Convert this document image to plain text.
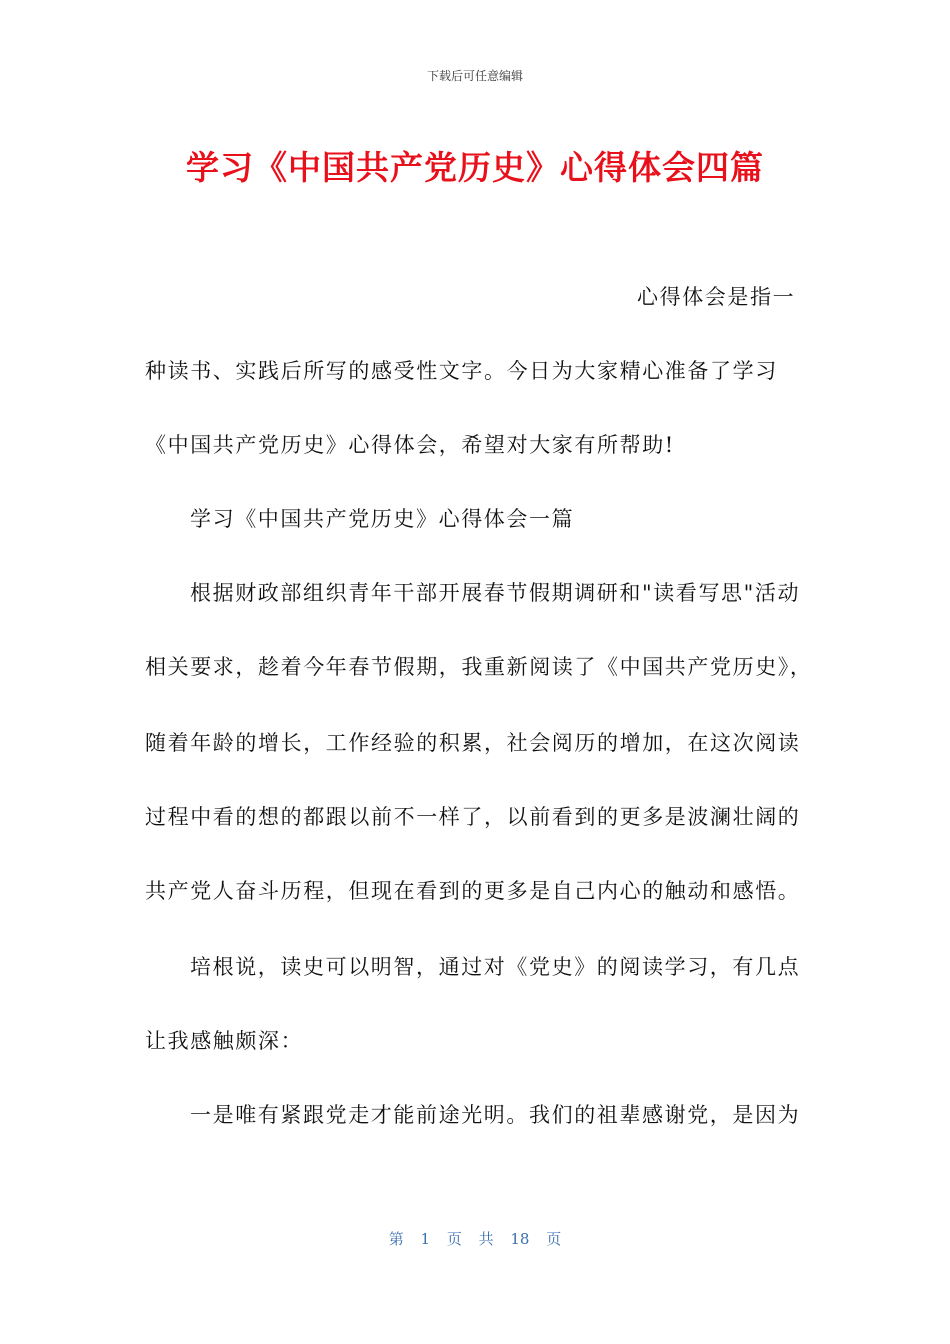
下载后可任意编辑
学习《中国共产党历史》心得体会四篇
心得体会是指一
种读书、实践后所写的感受性文字。今日为大家精心准备了学习
《中国共产党历史》心得体会，希望对大家有所帮助!
学习《中国共产党历史》心得体会一篇
根据财政部组织青年干部开展春节假期调研和"读看写思"活动
相关要求，趁着今年春节假期，我重新阅读了《中国共产党历史》，
随着年龄的增长，工作经验的积累，社会阅历的增加，在这次阅读
过程中看的想的都跟以前不一样了，以前看到的更多是波澜壮阔的
共产党人奋斗历程，但现在看到的更多是自己内心的触动和感悟。
培根说，读史可以明智，通过对《党史》的阅读学习，有几点
让我感触颇深：
一是唯有紧跟党走才能前途光明。我们的祖辈感谢党，是因为
第 1 页 共 18 页
